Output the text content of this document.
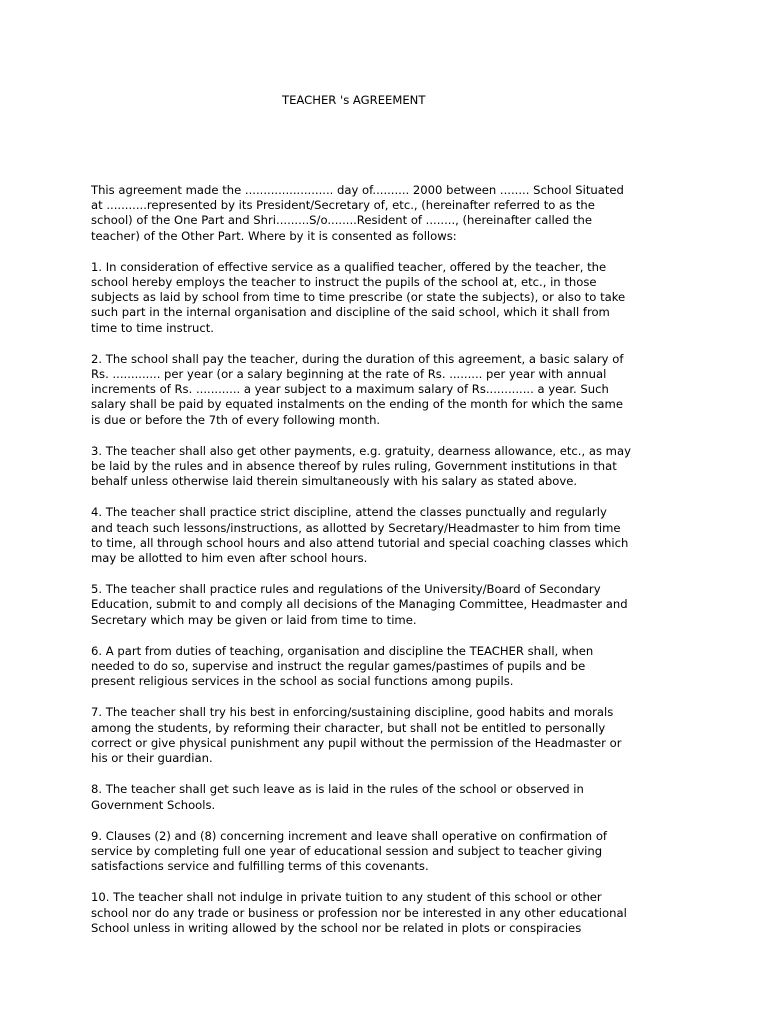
TEACHER 's AGREEMENT

This agreement made the ........................ day of.......... 2000 between ........ School Situated
at ...........represented by its President/Secretary of, etc., (hereinafter referred to as the
school) of the One Part and Shri.........S/o........Resident of ........, (hereinafter called the
teacher) of the Other Part. Where by it is consented as follows:

1. In consideration of effective service as a qualified teacher, offered by the teacher, the
school hereby employs the teacher to instruct the pupils of the school at, etc., in those
subjects as laid by school from time to time prescribe (or state the subjects), or also to take
such part in the internal organisation and discipline of the said school, which it shall from
time to time instruct.

2. The school shall pay the teacher, during the duration of this agreement, a basic salary of
Rs. ............. per year (or a salary beginning at the rate of Rs. ......... per year with annual
increments of Rs. ............ a year subject to a maximum salary of Rs............. a year. Such
salary shall be paid by equated instalments on the ending of the month for which the same
is due or before the 7th of every following month.

3. The teacher shall also get other payments, e.g. gratuity, dearness allowance, etc., as may
be laid by the rules and in absence thereof by rules ruling, Government institutions in that
behalf unless otherwise laid therein simultaneously with his salary as stated above.

4. The teacher shall practice strict discipline, attend the classes punctually and regularly
and teach such lessons/instructions, as allotted by Secretary/Headmaster to him from time
to time, all through school hours and also attend tutorial and special coaching classes which
may be allotted to him even after school hours.

5. The teacher shall practice rules and regulations of the University/Board of Secondary
Education, submit to and comply all decisions of the Managing Committee, Headmaster and
Secretary which may be given or laid from time to time.

6. A part from duties of teaching, organisation and discipline the TEACHER shall, when
needed to do so, supervise and instruct the regular games/pastimes of pupils and be
present religious services in the school as social functions among pupils.

7. The teacher shall try his best in enforcing/sustaining discipline, good habits and morals
among the students, by reforming their character, but shall not be entitled to personally
correct or give physical punishment any pupil without the permission of the Headmaster or
his or their guardian.

8. The teacher shall get such leave as is laid in the rules of the school or observed in
Government Schools.

9. Clauses (2) and (8) concerning increment and leave shall operative on confirmation of
service by completing full one year of educational session and subject to teacher giving
satisfactions service and fulfilling terms of this covenants.

10. The teacher shall not indulge in private tuition to any student of this school or other
school nor do any trade or business or profession nor be interested in any other educational
School unless in writing allowed by the school nor be related in plots or conspiracies
